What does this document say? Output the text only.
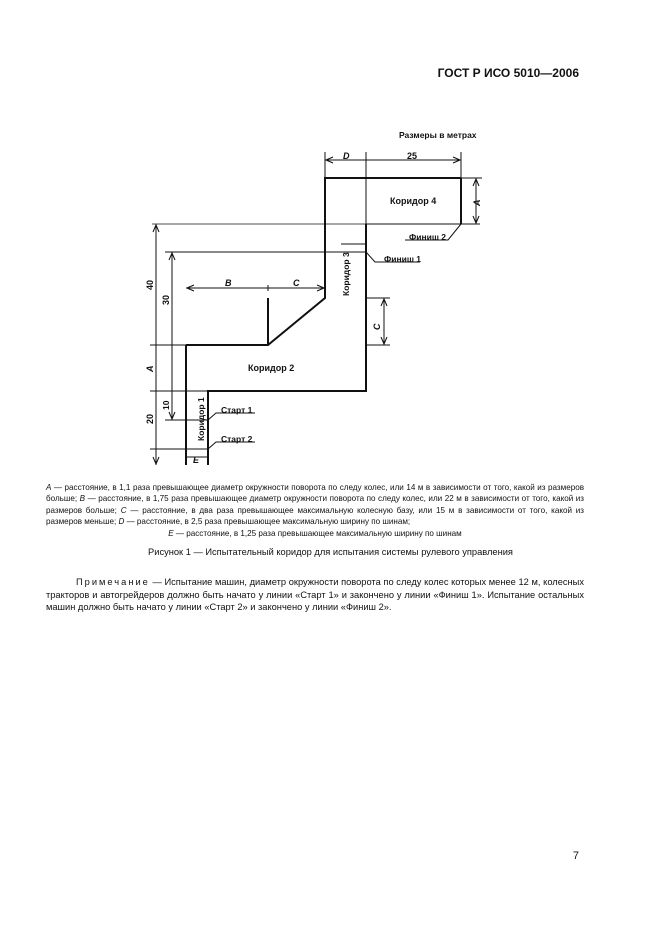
ГОСТ Р ИСО 5010—2006
Размеры в метрах
D	25
Коридор 4
Финиш 2
Финиш 1
B	C
Коридор 2
Старт 1
Старт 2
E
A
C
Коридор 3
Коридор 1
40
30
A
20
10

A — расстояние, в 1,1 раза превышающее диаметр окружности поворота по следу колес, или 14 м в зависимости от того, какой из размеров больше; B — расстояние, в 1,75 раза превышающее диаметр окружности поворота по следу колес, или 22 м в зависимости от того, какой из размеров больше; C — расстояние, в два раза превышающее максимальную колесную базу, или 15 м в зависимости от того, какой из размеров меньше; D — расстояние, в 2,5 раза превышающее максимальную ширину по шинам;

E — расстояние, в 1,25 раза превышающее максимальную ширину по шинам

Рисунок 1 — Испытательный коридор для испытания системы рулевого управления

Примечание — Испытание машин, диаметр окружности поворота по следу колес которых менее 12 м, колесных тракторов и автогрейдеров должно быть начато у линии «Старт 1» и закончено у линии «Финиш 1». Испытание остальных машин должно быть начато у линии «Старт 2» и закончено у линии «Финиш 2».

7
